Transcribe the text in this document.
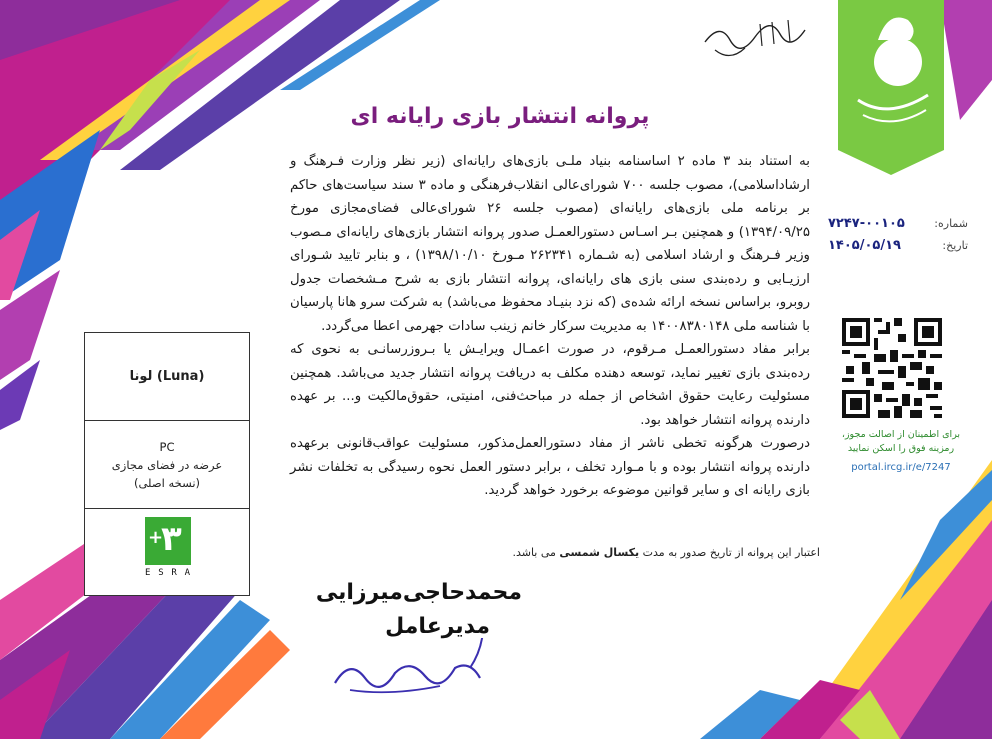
پروانه انتشار بازی رایانه ای
شماره:
۷۲۴۷-۰۰۱۰۵
تاریخ:
۱۴۰۵/۰۵/۱۹

به استناد بند ۳ ماده ۲ اساسنامه بنیاد ملـی بازی‌های رایانه‌ای (زیر نظر وزارت فـرهنگ و ارشاداسلامی)، مصوب جلسه ۷۰۰ شورای‌عالی انقلاب‌فرهنگی و ماده ۳ سند سیاست‌های حاکم بر برنامه ملی بازی‌های رایانه‌ای (مصوب جلسه ۲۶ شورای‌عالی فضای‌مجازی مورخ ۱۳۹۴/۰۹/۲۵) و همچنین بـر اسـاس دستورالعمـل صدور پروانه انتشار بازی‌های رایانه‌ای مـصوب وزیر فـرهنگ و ارشاد اسلامی (به شـماره ۲۶۲۳۴۱ مـورخ ۱۳۹۸/۱۰/۱۰) ، و بنابر تایید شـورای ارزیـابی و رده‌بندی سنی بازی های رایانه‌ای، پروانه انتشار بازی به شرح مـشخصات جدول روبرو، براساس نسخه ارائه شده‌ی (که نزد بنیـاد محفوظ می‌باشد) به شرکت سرو هانا پارسیان با شناسه ملی ۱۴۰۰۸۳۸۰۱۴۸ به مدیریت سرکار خانم زینب سادات جهرمی اعطا می‌گردد.

برابر مفاد دستورالعمـل مـرقوم، در صورت اعمـال ویرایـش یا بـروزرسانـی به نحوی که رده‌بندی بازی تغییر نماید، توسعه دهنده مکلف به دریافت پروانه انتشار جدید می‌باشد. همچنین مسئولیت رعایت حقوق اشخاص از جمله در مباحث‌فنی، امنیتی، حقوق‌مالکیت و... بر عهده دارنده پروانه انتشار خواهد بود.

درصورت هرگونه تخطی ناشر از مفاد دستورالعمل‌مذکور، مسئولیت عواقب‌قانونی برعهده دارنده پروانه انتشار بوده و با مـوارد تخلف ، برابر دستور العمل نحوه رسیدگی به تخلفات نشر بازی رایانه ای و سایر قوانین موضوعه برخورد خواهد گردید.

اعتبار این پروانه از تاریخ صدور به مدت یکسال شمسی می باشد.
محمدحاجی‌میرزایی
مدیرعامل
برای اطمینان از اصالت مجوز، رمزینه فوق را اسکن نمایید
portal.ircg.ir/e/7247
(Luna) لونا
PC
عرضه در فضای مجازی
(نسخه اصلی)
+
۳
E S R A
